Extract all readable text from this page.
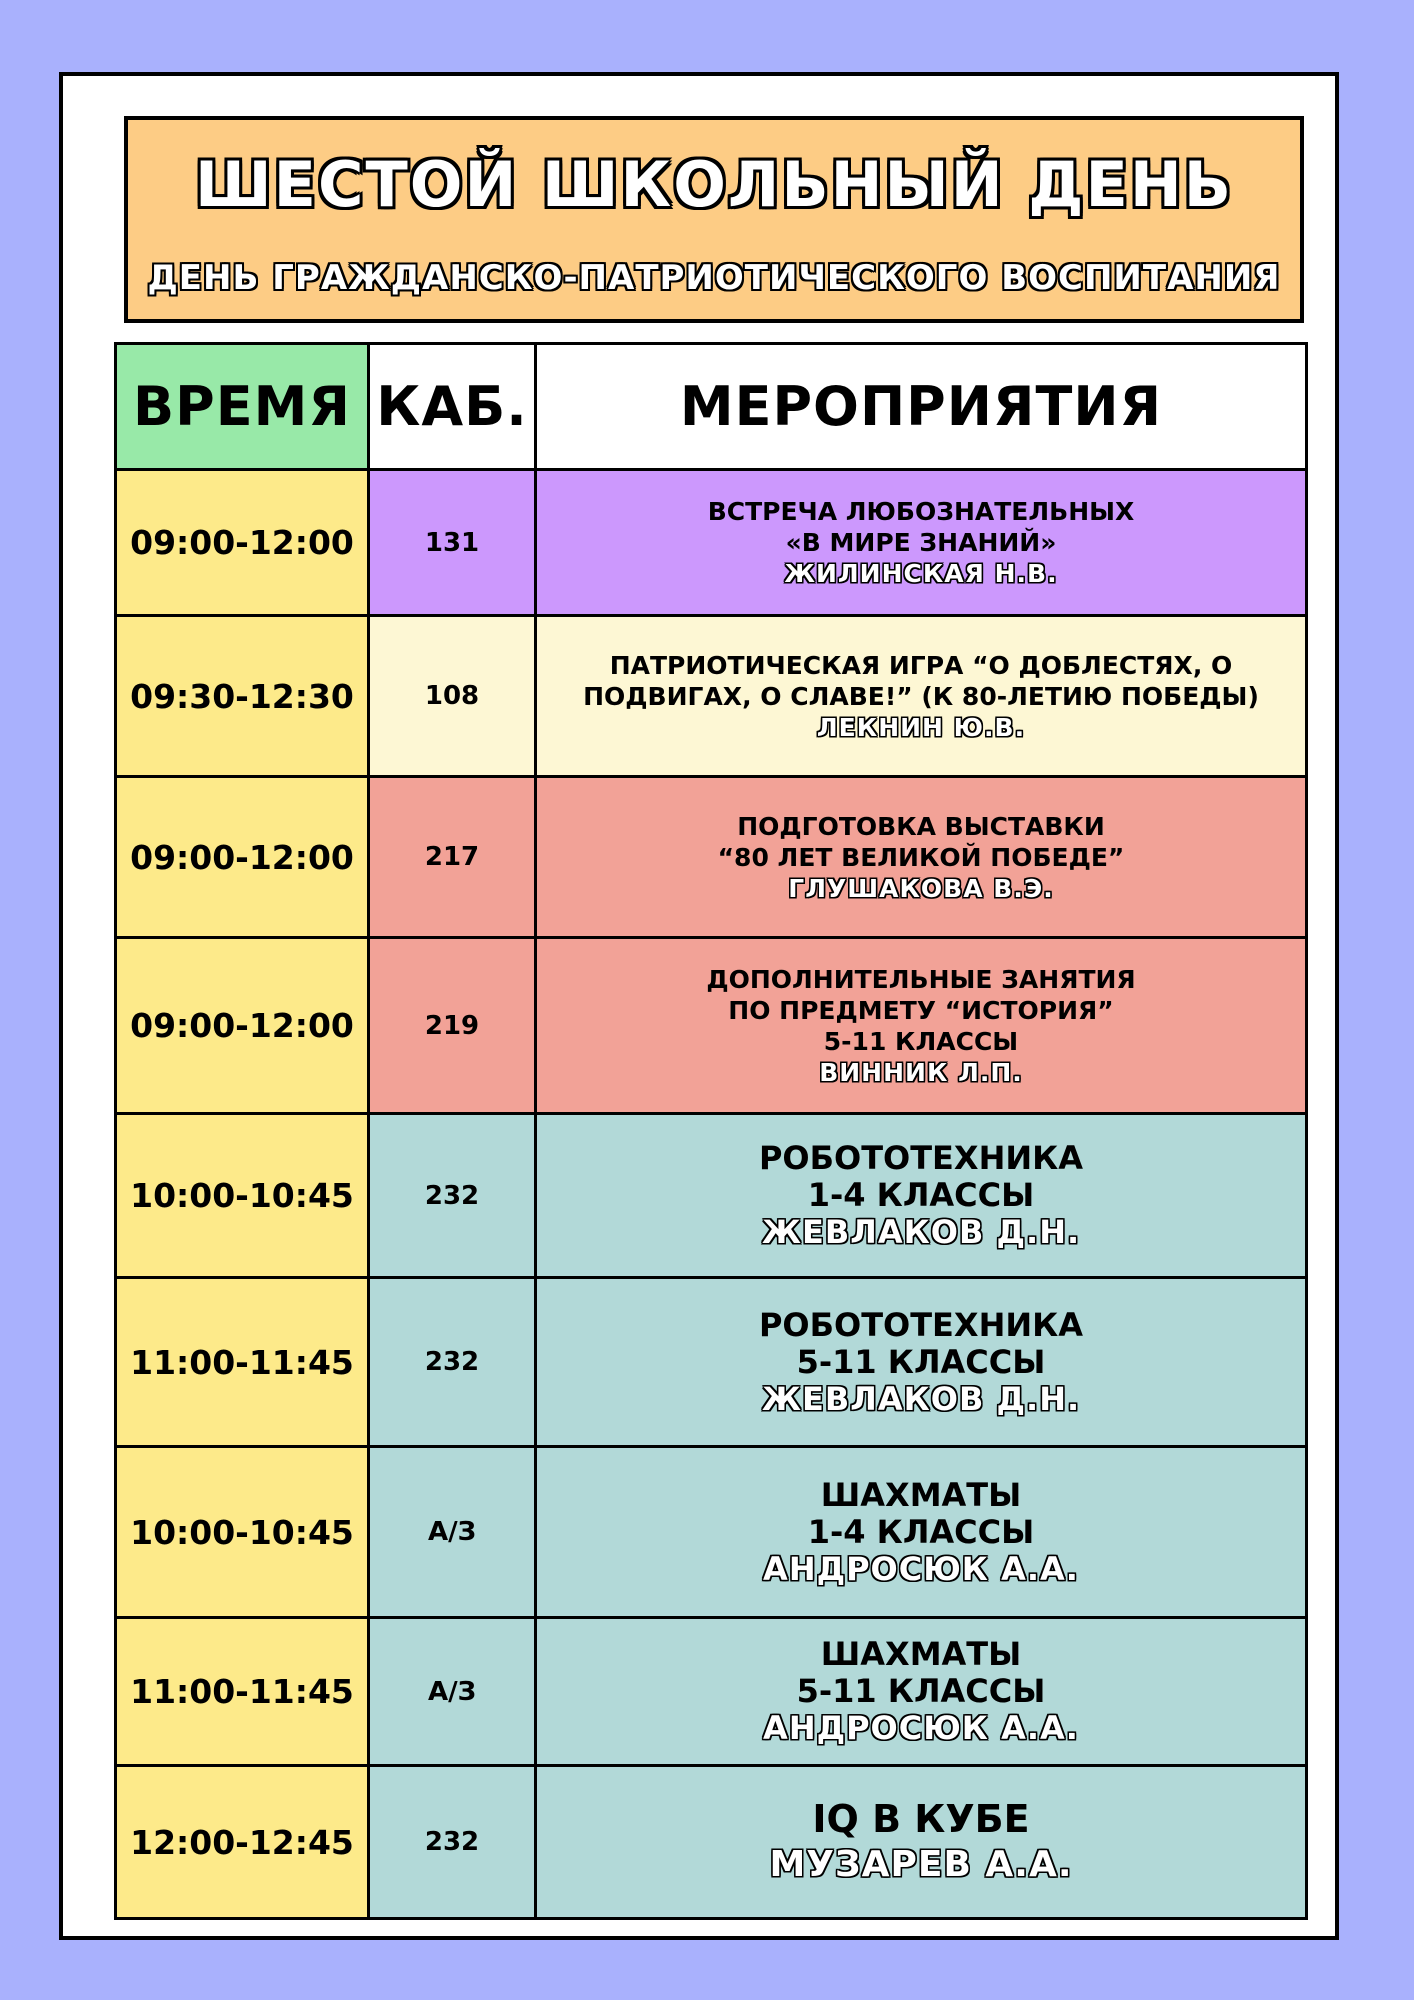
ШЕСТОЙ ШКОЛЬНЫЙ ДЕНЬ
ДЕНЬ ГРАЖДАНСКО-ПАТРИОТИЧЕСКОГО ВОСПИТАНИЯ
ВРЕМЯ	КАБ.	МЕРОПРИЯТИЯ
09:00-12:00	131	ВСТРЕЧА ЛЮБОЗНАТЕЛЬНЫХ
«В МИРЕ ЗНАНИЙ»
ЖИЛИНСКАЯ Н.В.

09:30-12:30	108	ПАТРИОТИЧЕСКАЯ ИГРА “О ДОБЛЕСТЯХ, О
ПОДВИГАХ, О СЛАВЕ!” (К 80-ЛЕТИЮ ПОБЕДЫ)
ЛЕКНИН Ю.В.

09:00-12:00	217	ПОДГОТОВКА ВЫСТАВКИ
“80 ЛЕТ ВЕЛИКОЙ ПОБЕДЕ”
ГЛУШАКОВА В.Э.

09:00-12:00	219	ДОПОЛНИТЕЛЬНЫЕ ЗАНЯТИЯ
ПО ПРЕДМЕТУ “ИСТОРИЯ”
5-11 КЛАССЫ
ВИННИК Л.П.

10:00-10:45	232	РОБОТОТЕХНИКА
1-4 КЛАССЫ
ЖЕВЛАКОВ Д.Н.

11:00-11:45	232	РОБОТОТЕХНИКА
5-11 КЛАССЫ
ЖЕВЛАКОВ Д.Н.

10:00-10:45	А/З	ШАХМАТЫ
1-4 КЛАССЫ
АНДРОСЮК А.А.

11:00-11:45	А/З	ШАХМАТЫ
5-11 КЛАССЫ
АНДРОСЮК А.А.

12:00-12:45	232	IQ В КУБЕ
МУЗАРЕВ А.А.
